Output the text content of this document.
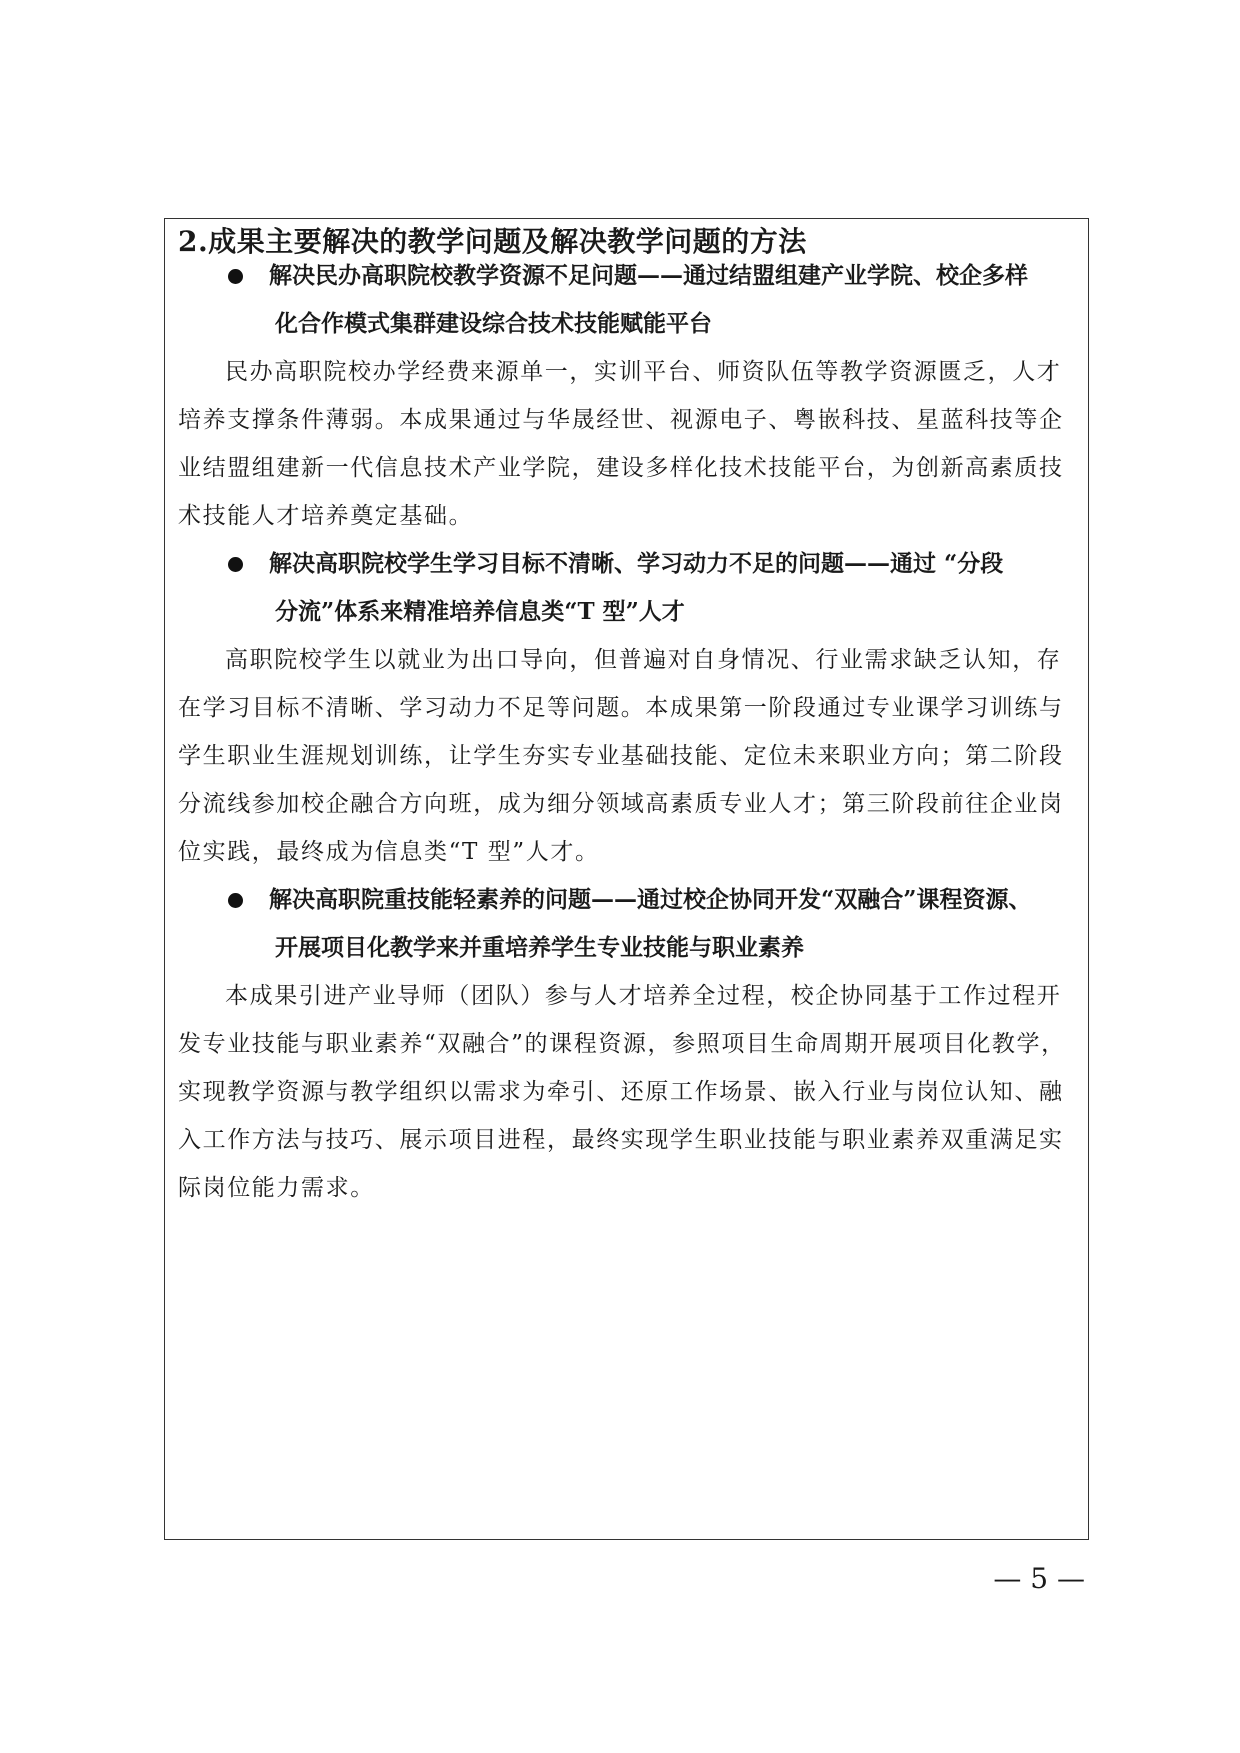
2.成果主要解决的教学问题及解决教学问题的方法
解决民办高职院校教学资源不足问题——通过结盟组建产业学院、校企多样
化合作模式集群建设综合技术技能赋能平台
民办高职院校办学经费来源单一，实训平台、师资队伍等教学资源匮乏，人才
培养支撑条件薄弱。本成果通过与华晟经世、视源电子、粤嵌科技、星蓝科技等企
业结盟组建新一代信息技术产业学院，建设多样化技术技能平台，为创新高素质技
术技能人才培养奠定基础。
解决高职院校学生学习目标不清晰、学习动力不足的问题——通过 “分段
分流”体系来精准培养信息类“T 型”人才
高职院校学生以就业为出口导向，但普遍对自身情况、行业需求缺乏认知，存
在学习目标不清晰、学习动力不足等问题。本成果第一阶段通过专业课学习训练与
学生职业生涯规划训练，让学生夯实专业基础技能、定位未来职业方向；第二阶段
分流线参加校企融合方向班，成为细分领域高素质专业人才；第三阶段前往企业岗
位实践，最终成为信息类“T 型”人才。
解决高职院重技能轻素养的问题——通过校企协同开发“双融合”课程资源、
开展项目化教学来并重培养学生专业技能与职业素养
本成果引进产业导师（团队）参与人才培养全过程，校企协同基于工作过程开
发专业技能与职业素养“双融合”的课程资源，参照项目生命周期开展项目化教学，
实现教学资源与教学组织以需求为牵引、还原工作场景、嵌入行业与岗位认知、融
入工作方法与技巧、展示项目进程，最终实现学生职业技能与职业素养双重满足实
际岗位能力需求。
— 5 —
